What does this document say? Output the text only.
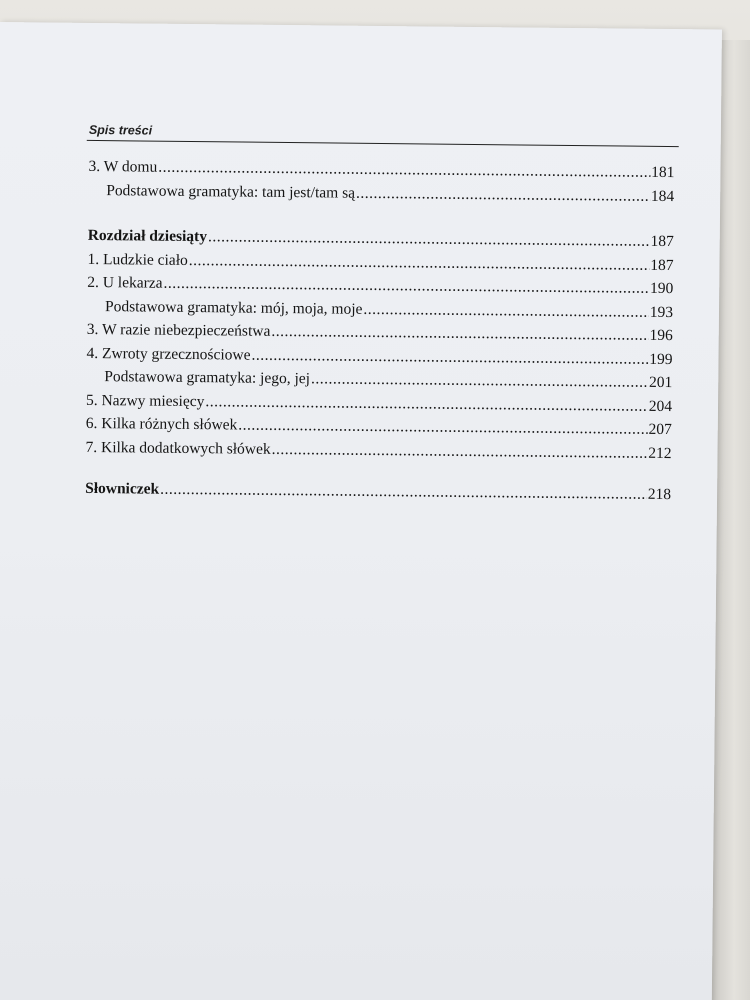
Spis treści
3. W domu .....	181
Podstawowa gramatyka: tam jest/tam są .....	184
Rozdział dziesiąty .....	187
1. Ludzkie ciało .....	187
2. U lekarza .....	190
Podstawowa gramatyka: mój, moja, moje .....	193
3. W razie niebezpieczeństwa .....	196
4. Zwroty grzecznościowe .....	199
Podstawowa gramatyka: jego, jej .....	201
5. Nazwy miesięcy .....	204
6. Kilka różnych słówek .....	207
7. Kilka dodatkowych słówek .....	212
Słowniczek .....	218
